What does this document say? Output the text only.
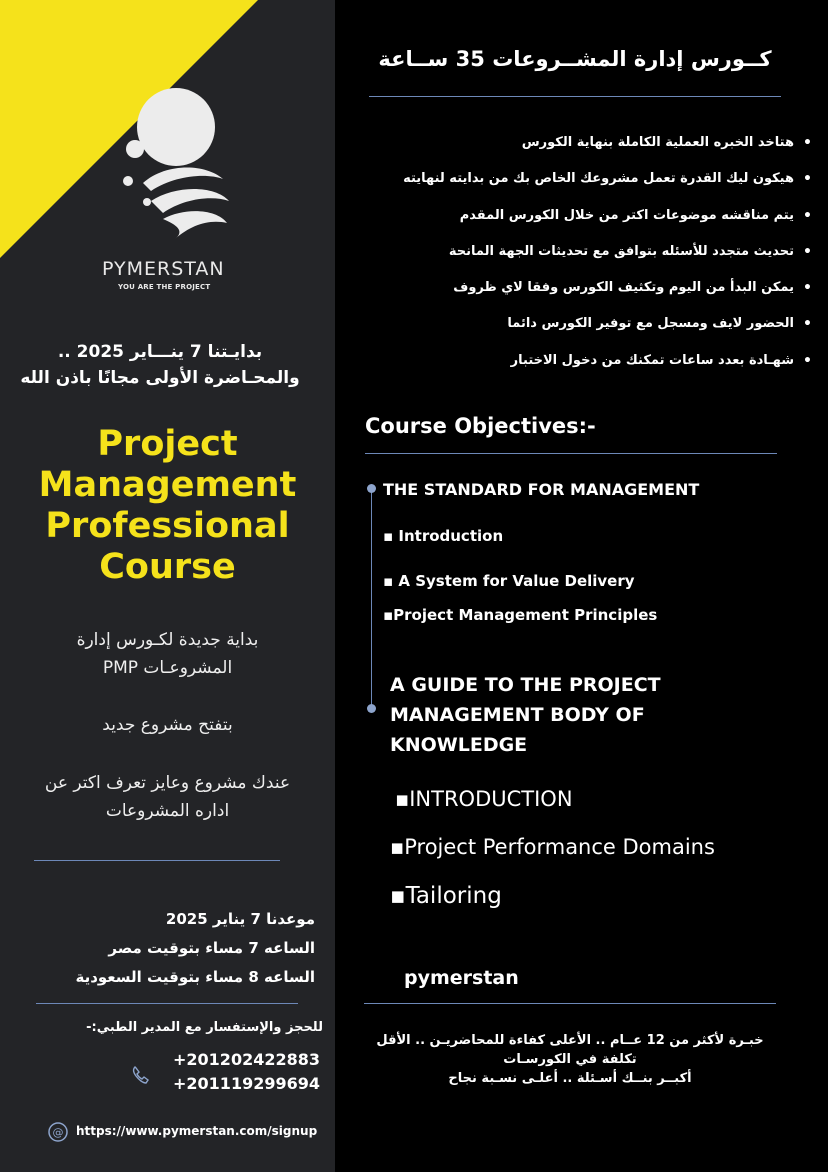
PYMERSTAN
YOU ARE THE PROJECT
بدايـتنا 7 ينـــاير 2025 ..
والمحـاضرة الأولى مجانًا باذن الله
Project
Management
Professional
Course
بداية جديدة لكـورس إدارة
المشروعـات PMP
بتفتح مشروع جديد
عندك مشروع وعايز تعرف اكتر عن
اداره المشروعات
موعدنا 7 يناير 2025
الساعه 7 مساء بتوقيت مصر
الساعه 8 مساء بتوقيت السعودية
للحجز والإستفسار مع المدير الطبي:-
+201202422883
+201119299694
@ https://www.pymerstan.com/signup
كــورس إدارة المشــروعات 35 ســاعة
• هتاخد الخبره العملية الكاملة بنهاية الكورس
• هيكون ليك القدرة تعمل مشروعك الخاص بك من بدايته لنهايته
• يتم مناقشه موضوعات اكتر من خلال الكورس المقدم
• تحديث متجدد للأسئله بتوافق مع تحديثات الجهة المانحة
• يمكن البدأ من اليوم وتكثيف الكورس وفقا لاي ظروف
• الحضور لايف ومسجل مع توفير الكورس دائما
• شهـادة بعدد ساعات تمكنك من دخول الاختبار
Course Objectives:-
THE STANDARD FOR MANAGEMENT
▪ Introduction
▪ A System for Value Delivery
▪Project Management Principles
A GUIDE TO THE PROJECT
MANAGEMENT BODY OF
KNOWLEDGE
▪INTRODUCTION
▪Project Performance Domains
▪Tailoring
pymerstan
خبـرة لأكثر من 12 عــام .. الأعلى كفاءة للمحاضريـن .. الأقل
تكلفة في الكورسـات
أكبــر بنــك أسـئلة .. أعلـى نسـبة نجاح
